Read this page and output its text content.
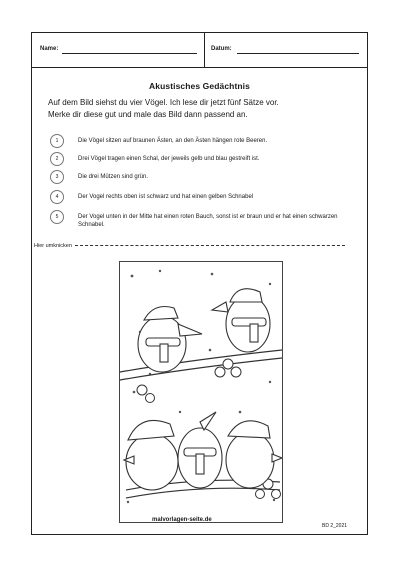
Name:	Datum:
Akustisches Gedächtnis
Auf dem Bild siehst du vier Vögel. Ich lese dir jetzt fünf Sätze vor.
Merke dir diese gut und male das Bild dann passend an.
1	Die Vögel sitzen auf braunen Ästen, an den Ästen hängen rote Beeren.
2	Drei Vögel tragen einen Schal, der jeweils gelb und blau gestreift ist.
3	Die drei Mützen sind grün.
4	Der Vogel rechts oben ist schwarz und hat einen gelben Schnabel
5	Der Vogel unten in der Mitte hat einen roten Bauch, sonst ist er braun und er hat einen schwarzen Schnabel.
Hier umknicken
malvorlagen-seite.de
BD 2_2021
